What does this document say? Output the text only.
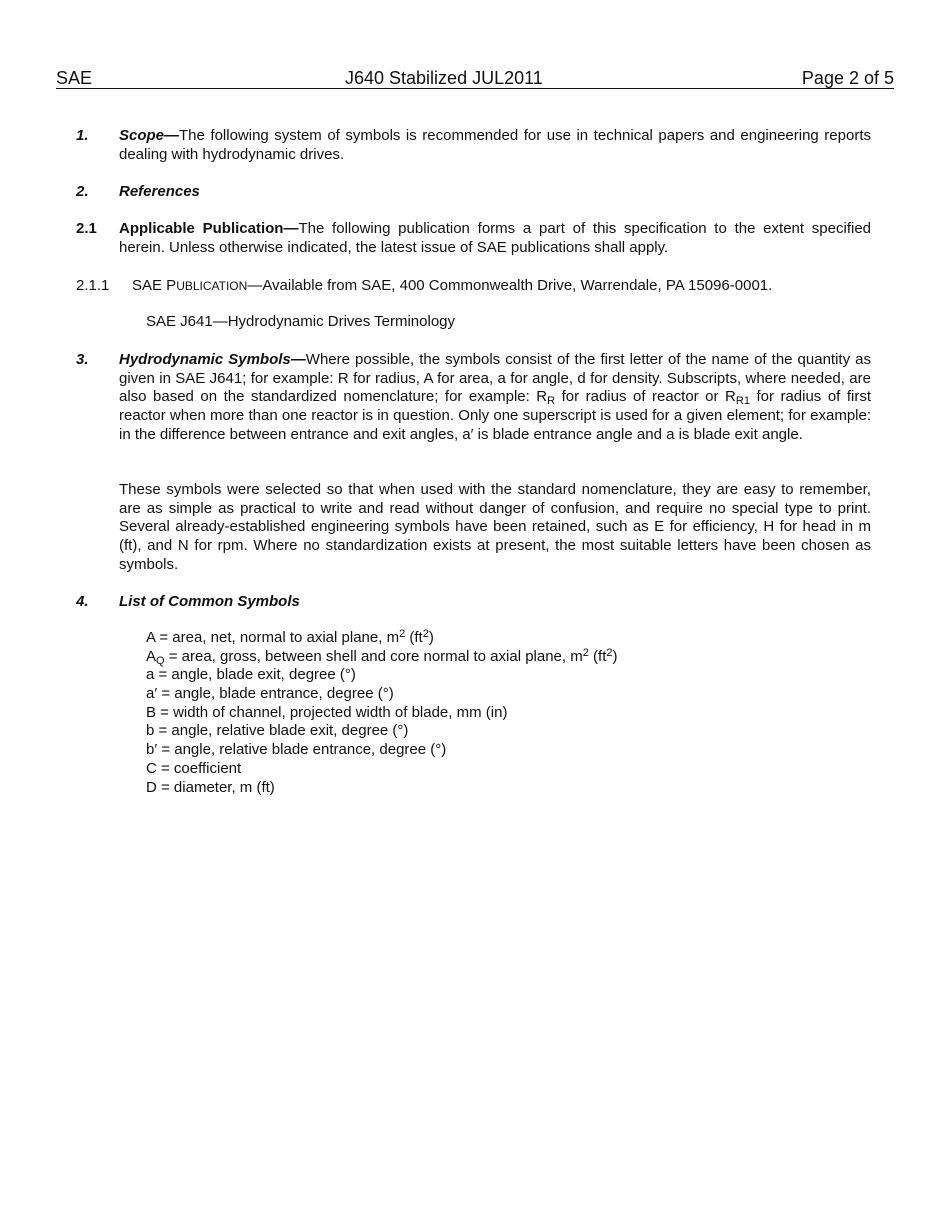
SAE	J640 Stabilized JUL2011	Page 2 of 5
1. Scope—The following system of symbols is recommended for use in technical papers and engineering reports dealing with hydrodynamic drives.
2. References
2.1 Applicable Publication—The following publication forms a part of this specification to the extent specified herein. Unless otherwise indicated, the latest issue of SAE publications shall apply.
2.1.1 SAE PUBLICATION—Available from SAE, 400 Commonwealth Drive, Warrendale, PA 15096-0001.
SAE J641—Hydrodynamic Drives Terminology
3. Hydrodynamic Symbols—Where possible, the symbols consist of the first letter of the name of the quantity as given in SAE J641; for example: R for radius, A for area, a for angle, d for density. Subscripts, where needed, are also based on the standardized nomenclature; for example: $R_R$ for radius of reactor or $R_{R1}$ for radius of first reactor when more than one reactor is in question. Only one superscript is used for a given element; for example: in the difference between entrance and exit angles, a′ is blade entrance angle and a is blade exit angle.
These symbols were selected so that when used with the standard nomenclature, they are easy to remember, are as simple as practical to write and read without danger of confusion, and require no special type to print. Several already-established engineering symbols have been retained, such as E for efficiency, H for head in m (ft), and N for rpm. Where no standardization exists at present, the most suitable letters have been chosen as symbols.
4. List of Common Symbols
A = area, net, normal to axial plane, $m^2$ $(ft^2)$
$A_Q$ = area, gross, between shell and core normal to axial plane, $m^2$ $(ft^2)$
a = angle, blade exit, degree (°)
a′ = angle, blade entrance, degree (°)
B = width of channel, projected width of blade, mm (in)
b = angle, relative blade exit, degree (°)
b′ = angle, relative blade entrance, degree (°)
C = coefficient
D = diameter, m (ft)
